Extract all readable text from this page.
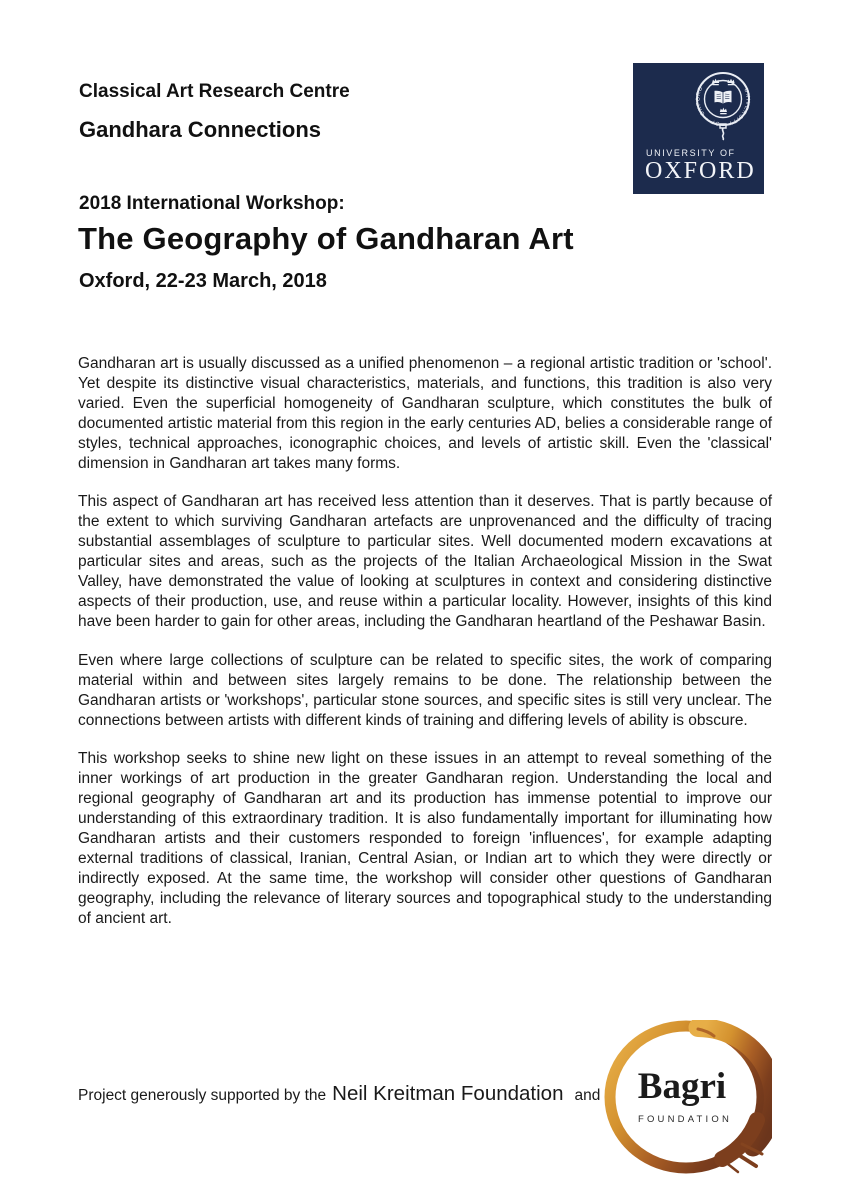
Classical Art Research Centre
Gandhara Connections
UNIVERSITY · OF · OXFORD ·
UNIVERSITY OF
OXFORD
2018 International Workshop:
The Geography of Gandharan Art
Oxford, 22-23 March, 2018

Gandharan art is usually discussed as a unified phenomenon – a regional artistic tradition or 'school'. Yet despite its distinctive visual characteristics, materials, and functions, this tradition is also very varied. Even the superficial homogeneity of Gandharan sculpture, which constitutes the bulk of documented artistic material from this region in the early centuries AD, belies a considerable range of styles, technical approaches, iconographic choices, and levels of artistic skill. Even the 'classical' dimension in Gandharan art takes many forms.

This aspect of Gandharan art has received less attention than it deserves. That is partly because of the extent to which surviving Gandharan artefacts are unprovenanced and the difficulty of tracing substantial assemblages of sculpture to particular sites. Well documented modern excavations at particular sites and areas, such as the projects of the Italian Archaeological Mission in the Swat Valley, have demonstrated the value of looking at sculptures in context and considering distinctive aspects of their production, use, and reuse within a particular locality. However, insights of this kind have been harder to gain for other areas, including the Gandharan heartland of the Peshawar Basin.

Even where large collections of sculpture can be related to specific sites, the work of comparing material within and between sites largely remains to be done. The relationship between the Gandharan artists or 'workshops', particular stone sources, and specific sites is still very unclear. The connections between artists with different kinds of training and differing levels of ability is obscure.

This workshop seeks to shine new light on these issues in an attempt to reveal something of the inner workings of art production in the greater Gandharan region. Understanding the local and regional geography of Gandharan art and its production has immense potential to improve our understanding of this extraordinary tradition. It is also fundamentally important for illuminating how Gandharan artists and their customers responded to foreign 'influences', for example adapting external traditions of classical, Iranian, Central Asian, or Indian art to which they were directly or indirectly exposed. At the same time, the workshop will consider other questions of Gandharan geography, including the relevance of literary sources and topographical study to the understanding of ancient art.

Project generously supported by the Neil Kreitman Foundation and	Bagri
FOUNDATION
